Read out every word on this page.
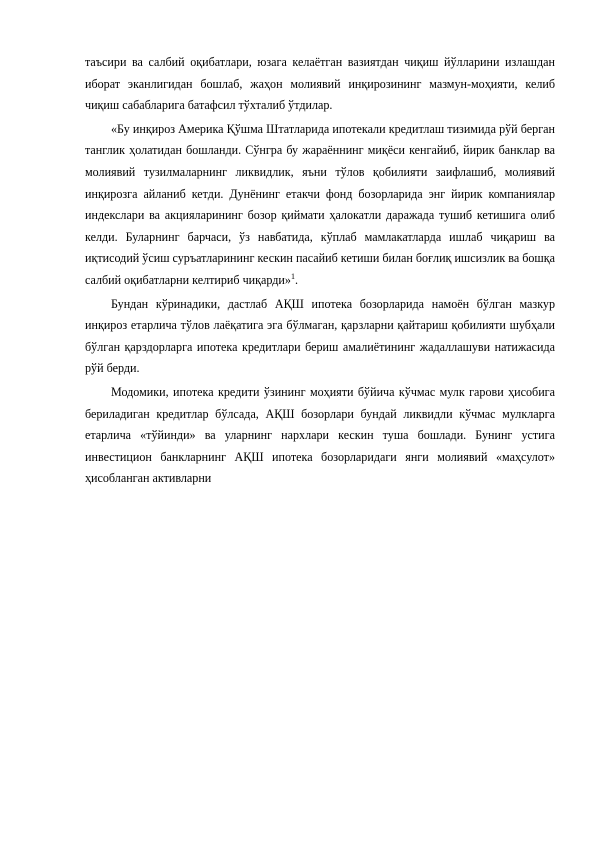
таъсири ва салбий оқибатлари, юзага келаётган вазиятдан чиқиш йўлларини излашдан иборат эканлигидан бошлаб, жаҳон молиявий инқирозининг мазмун-моҳияти, келиб чиқиш сабабларига батафсил тўхталиб ўтдилар.

«Бу инқироз Америка Қўшма Штатларида ипотекали кредитлаш тизимида рўй берган танглик ҳолатидан бошланди. Сўнгра бу жараённинг миқёси кенгайиб, йирик банклар ва молиявий тузилмаларнинг ликвидлик, яъни тўлов қобилияти заифлашиб, молиявий инқирозга айланиб кетди. Дунёнинг етакчи фонд бозорларида энг йирик компаниялар индекслари ва акцияларининг бозор қиймати ҳалокатли даражада тушиб кетишига олиб келди. Буларнинг барчаси, ўз навбатида, кўплаб мамлакатларда ишлаб чиқариш ва иқтисодий ўсиш суръатларининг кескин пасайиб кетиши билан боғлиқ ишсизлик ва бошқа салбий оқибатларни келтириб чиқарди»$^1$.

Бундан кўринадики, дастлаб АҚШ ипотека бозорларида намоён бўлган мазкур инқироз етарлича тўлов лаёқатига эга бўлмаган, қарзларни қайтариш қобилияти шубҳали бўлган қарздорларга ипотека кредитлари бериш амалиётининг жадаллашуви натижасида рўй берди.

Модомики, ипотека кредити ўзининг моҳияти бўйича кўчмас мулк гарови ҳисобига бериладиган кредитлар бўлсада, АҚШ бозорлари бундай ликвидли кўчмас мулкларга етарлича «тўйинди» ва уларнинг нархлари кескин туша бошлади. Бунинг устига инвестицион банкларнинг АҚШ ипотека бозорларидаги янги молиявий «маҳсулот» ҳисобланган активларни
